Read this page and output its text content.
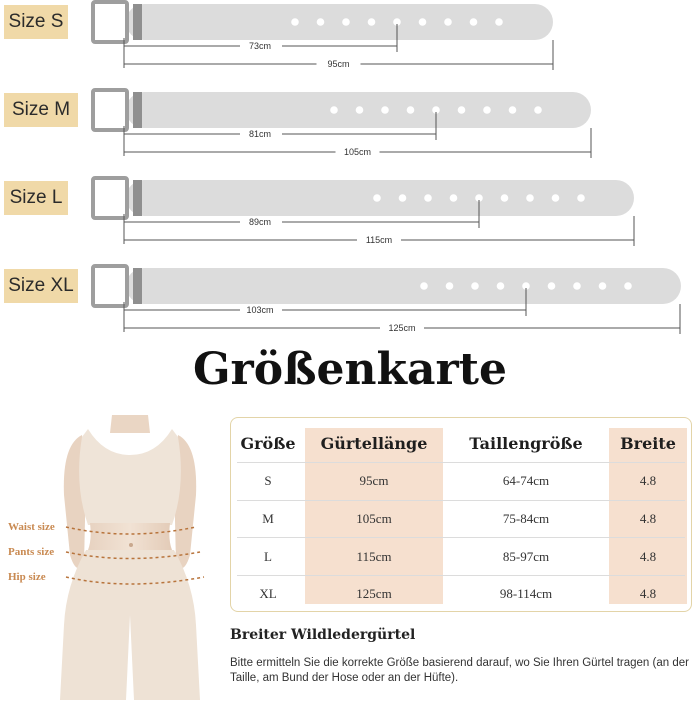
73cm
95cm
81cm
105cm
89cm
115cm
103cm
125cm
Size S
Size M
Size L
Size XL
Größenkarte
Waist size
Pants size
Hip size
Größe	Gürtellänge	Taillengröße	Breite
S	95cm	64-74cm	4.8
M	105cm	75-84cm	4.8
L	115cm	85-97cm	4.8
XL	125cm	98-114cm	4.8
Breiter Wildledergürtel

Bitte ermitteln Sie die korrekte Größe basierend darauf, wo Sie Ihren Gürtel tragen (an der Taille, am Bund der Hose oder an der Hüfte).
